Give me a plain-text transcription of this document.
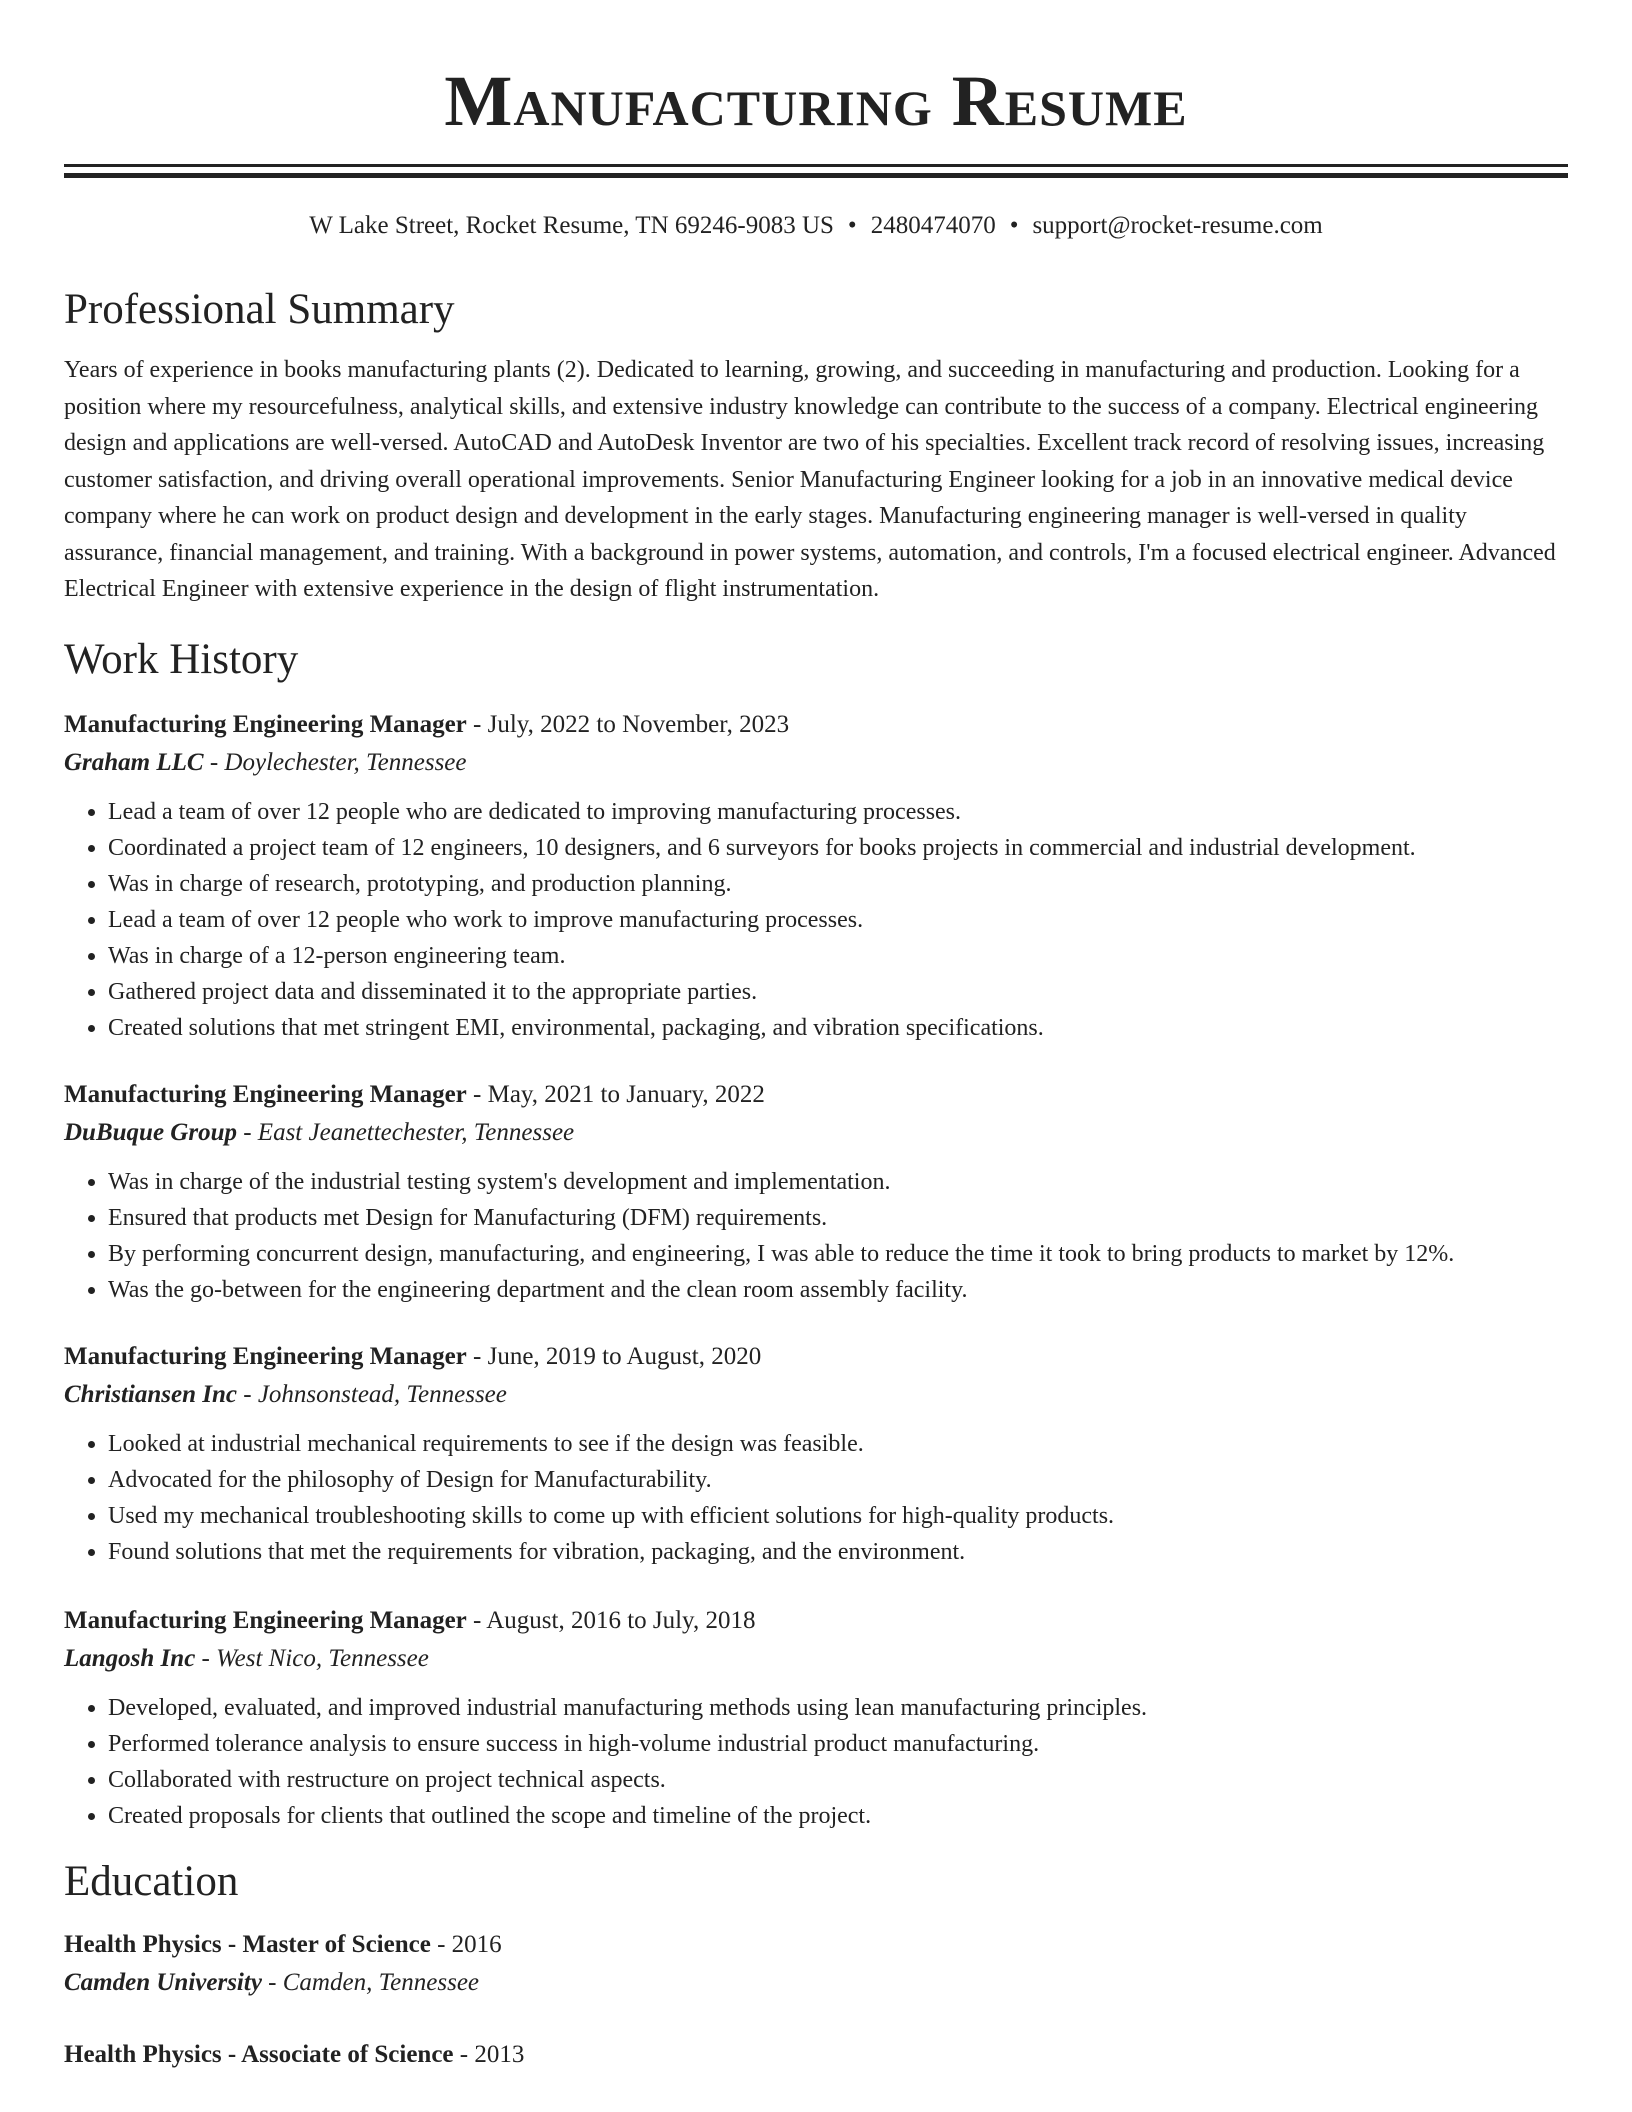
Manufacturing Resume
W Lake Street, Rocket Resume, TN 69246-9083 US • 2480474070 • support@rocket-resume.com
Professional Summary

Years of experience in books manufacturing plants (2). Dedicated to learning, growing, and succeeding in manufacturing and production. Looking for a position where my resourcefulness, analytical skills, and extensive industry knowledge can contribute to the success of a company. Electrical engineering design and applications are well-versed. AutoCAD and AutoDesk Inventor are two of his specialties. Excellent track record of resolving issues, increasing customer satisfaction, and driving overall operational improvements. Senior Manufacturing Engineer looking for a job in an innovative medical device company where he can work on product design and development in the early stages. Manufacturing engineering manager is well-versed in quality assurance, financial management, and training. With a background in power systems, automation, and controls, I'm a focused electrical engineer. Advanced Electrical Engineer with extensive experience in the design of flight instrumentation.

Work History

Manufacturing Engineering Manager - July, 2022 to November, 2023

Graham LLC - Doylechester, Tennessee

• Lead a team of over 12 people who are dedicated to improving manufacturing processes.
• Coordinated a project team of 12 engineers, 10 designers, and 6 surveyors for books projects in commercial and industrial development.
• Was in charge of research, prototyping, and production planning.
• Lead a team of over 12 people who work to improve manufacturing processes.
• Was in charge of a 12-person engineering team.
• Gathered project data and disseminated it to the appropriate parties.
• Created solutions that met stringent EMI, environmental, packaging, and vibration specifications.

Manufacturing Engineering Manager - May, 2021 to January, 2022

DuBuque Group - East Jeanettechester, Tennessee

• Was in charge of the industrial testing system's development and implementation.
• Ensured that products met Design for Manufacturing (DFM) requirements.
• By performing concurrent design, manufacturing, and engineering, I was able to reduce the time it took to bring products to market by 12%.
• Was the go-between for the engineering department and the clean room assembly facility.

Manufacturing Engineering Manager - June, 2019 to August, 2020

Christiansen Inc - Johnsonstead, Tennessee

• Looked at industrial mechanical requirements to see if the design was feasible.
• Advocated for the philosophy of Design for Manufacturability.
• Used my mechanical troubleshooting skills to come up with efficient solutions for high-quality products.
• Found solutions that met the requirements for vibration, packaging, and the environment.

Manufacturing Engineering Manager - August, 2016 to July, 2018

Langosh Inc - West Nico, Tennessee

• Developed, evaluated, and improved industrial manufacturing methods using lean manufacturing principles.
• Performed tolerance analysis to ensure success in high-volume industrial product manufacturing.
• Collaborated with restructure on project technical aspects.
• Created proposals for clients that outlined the scope and timeline of the project.
Education

Health Physics - Master of Science - 2016

Camden University - Camden, Tennessee

Health Physics - Associate of Science - 2013
